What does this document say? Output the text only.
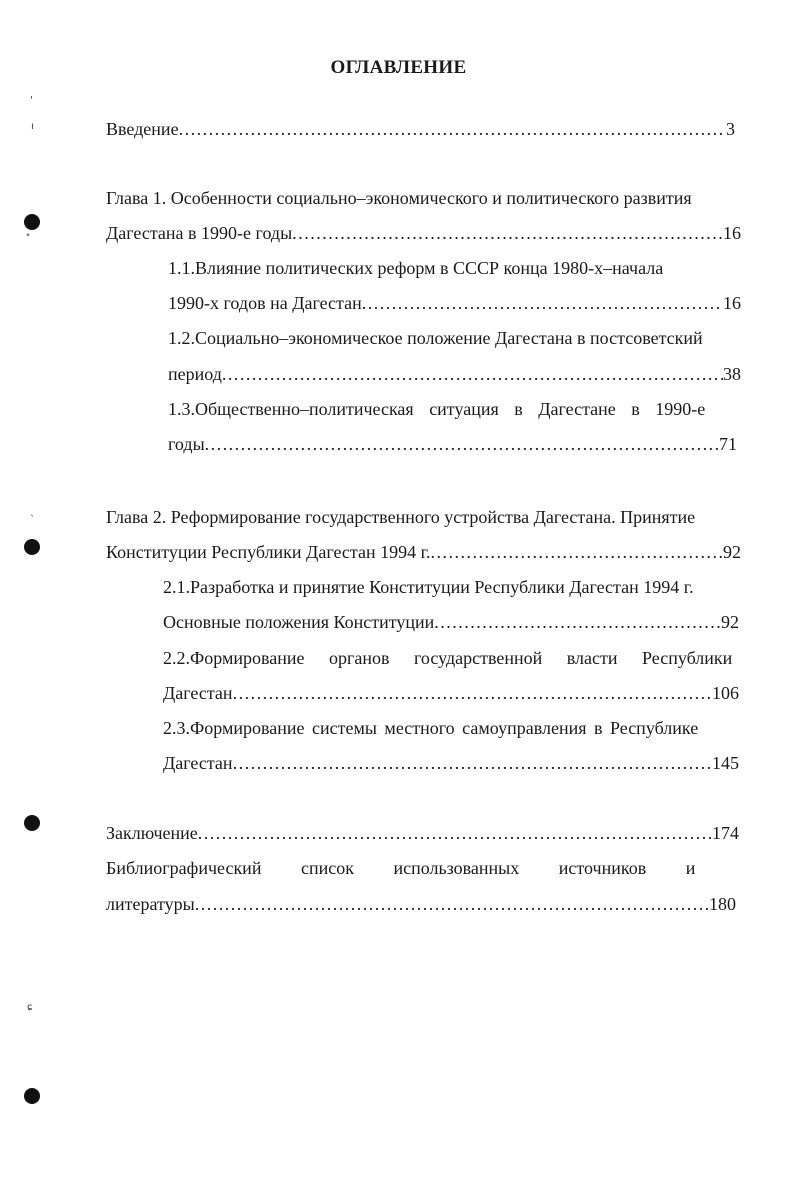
'
ı
ᐤ
ˎ
ɕ
ОГЛАВЛЕНИЕ
Введение .....	3
Глава 1. Особенности социально–экономического и политического развития
Дагестана в 1990-е годы .....	16
1.1.Влияние политических реформ в СССР конца 1980-х–начала
1990-х годов на Дагестан .....	16
1.2.Социально–экономическое положение Дагестана в постсоветский
период .....	38
1.3.Общественно–политическая ситуация в Дагестане в 1990-е
годы .....	71
Глава 2. Реформирование государственного устройства Дагестана. Принятие
Конституции Республики Дагестан 1994 г. .....	92
2.1.Разработка и принятие Конституции Республики Дагестан 1994 г.
Основные положения Конституции .....	92
2.2.Формирование органов государственной власти Республики
Дагестан .....	106
2.3.Формирование системы местного самоуправления в Республике
Дагестан .....	145
Заключение .....	174
Библиографический список использованных источников и
литературы .....	180
